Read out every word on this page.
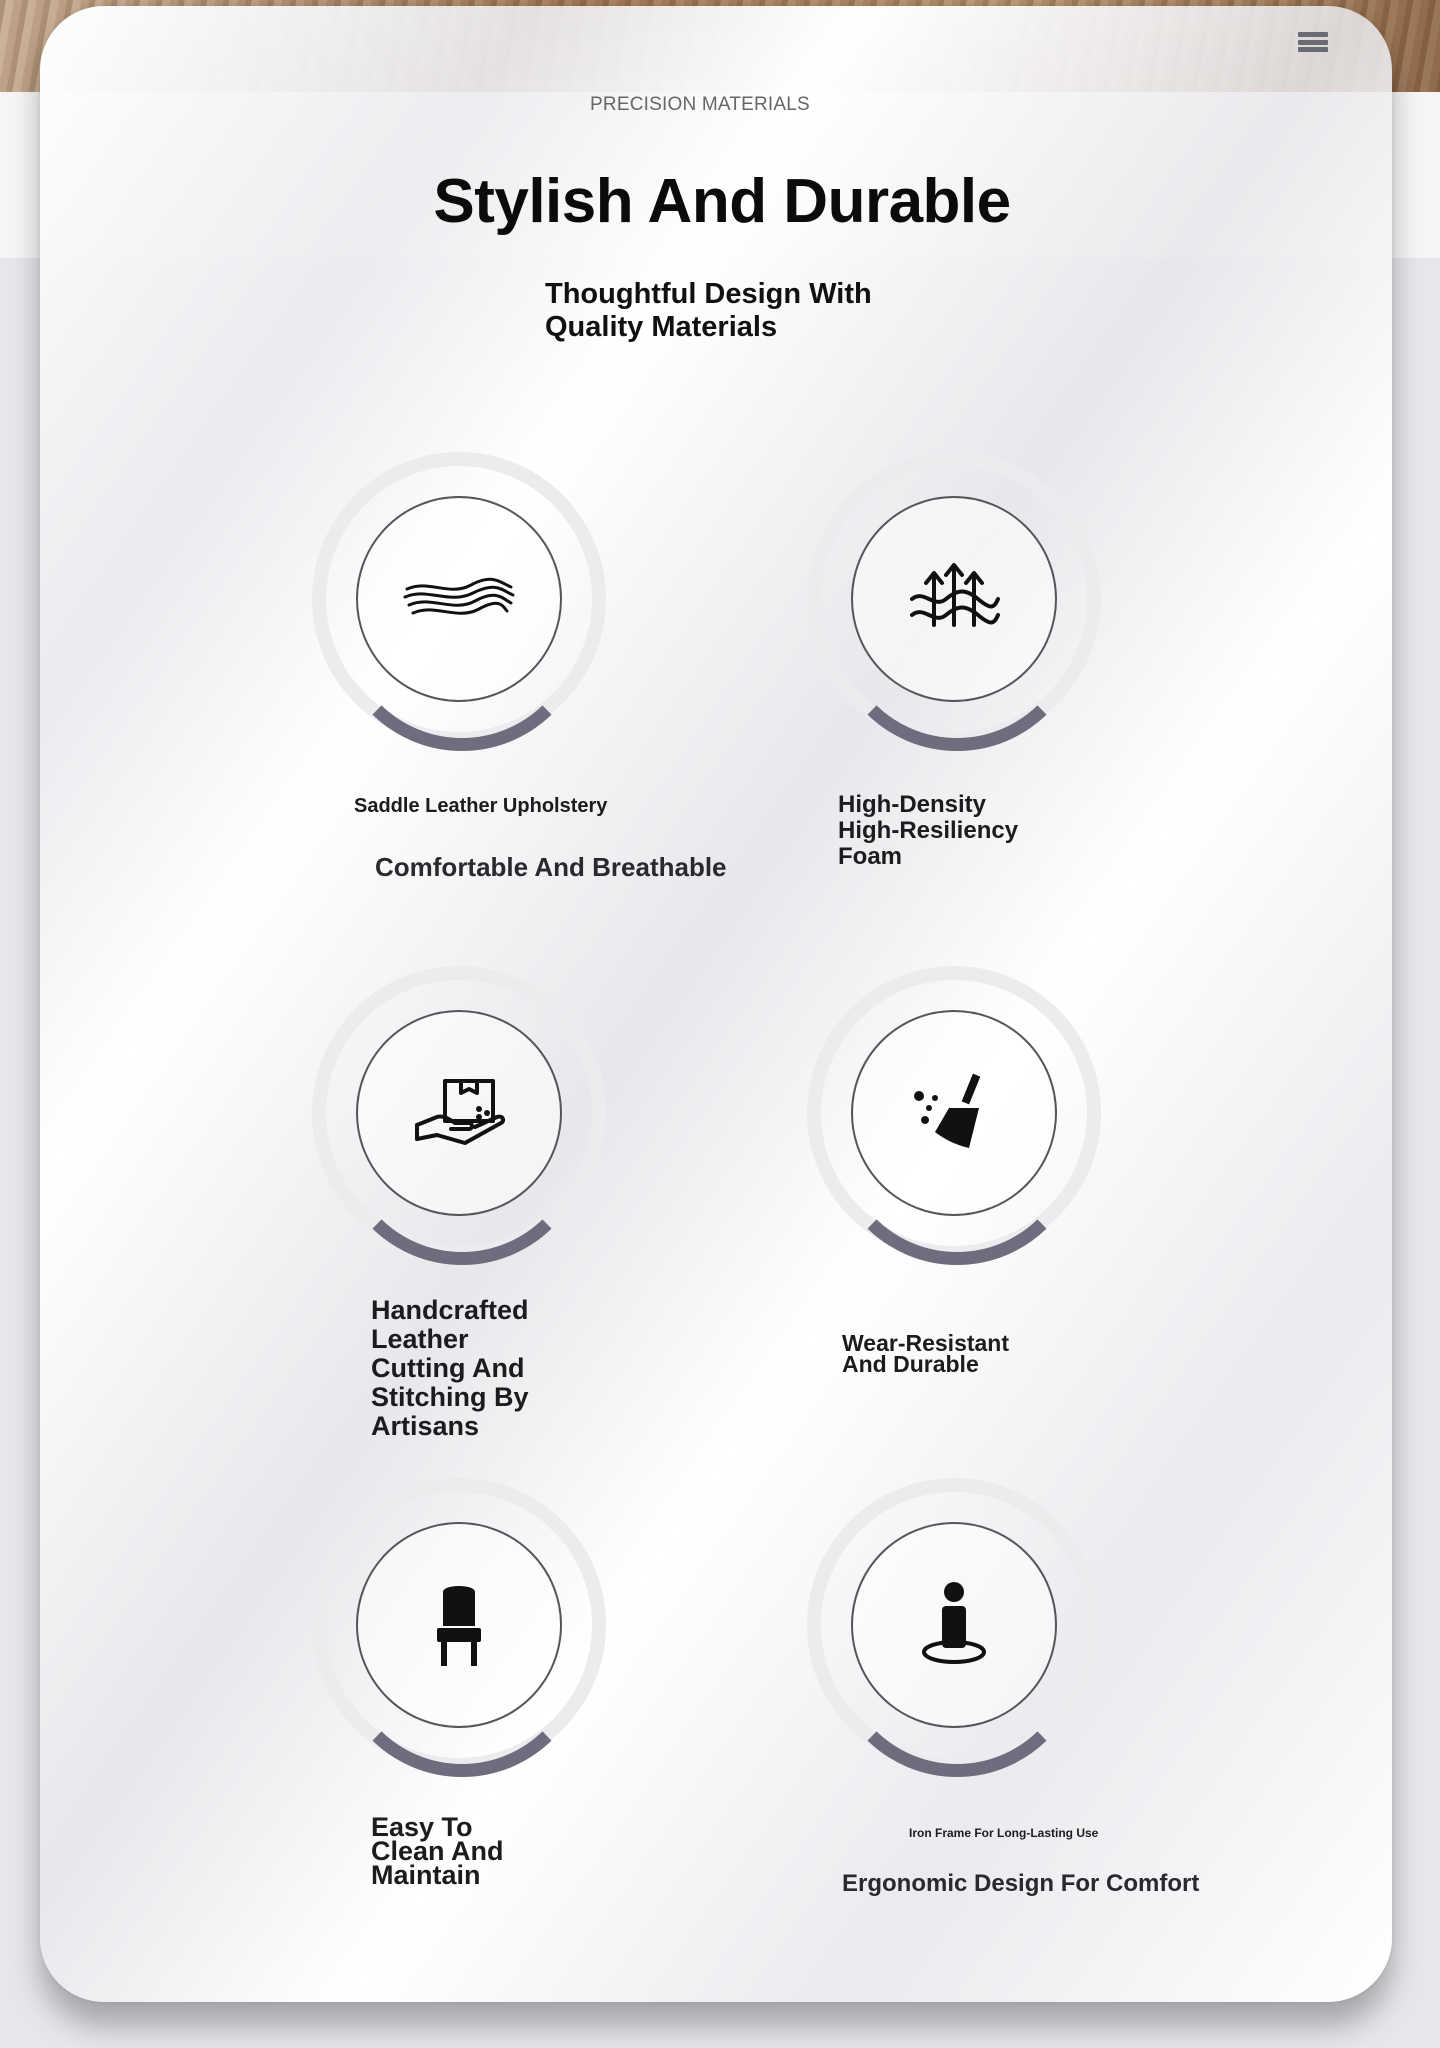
PRECISION MATERIALS
Stylish And Durable
Thoughtful Design With Quality Materials
Saddle Leather Upholstery
Comfortable And Breathable
High-Density High-Resiliency Foam
Handcrafted Leather Cutting And Stitching By Artisans
Wear-Resistant And Durable
Easy To Clean And Maintain
Iron Frame For Long-Lasting Use
Ergonomic Design For Comfort
